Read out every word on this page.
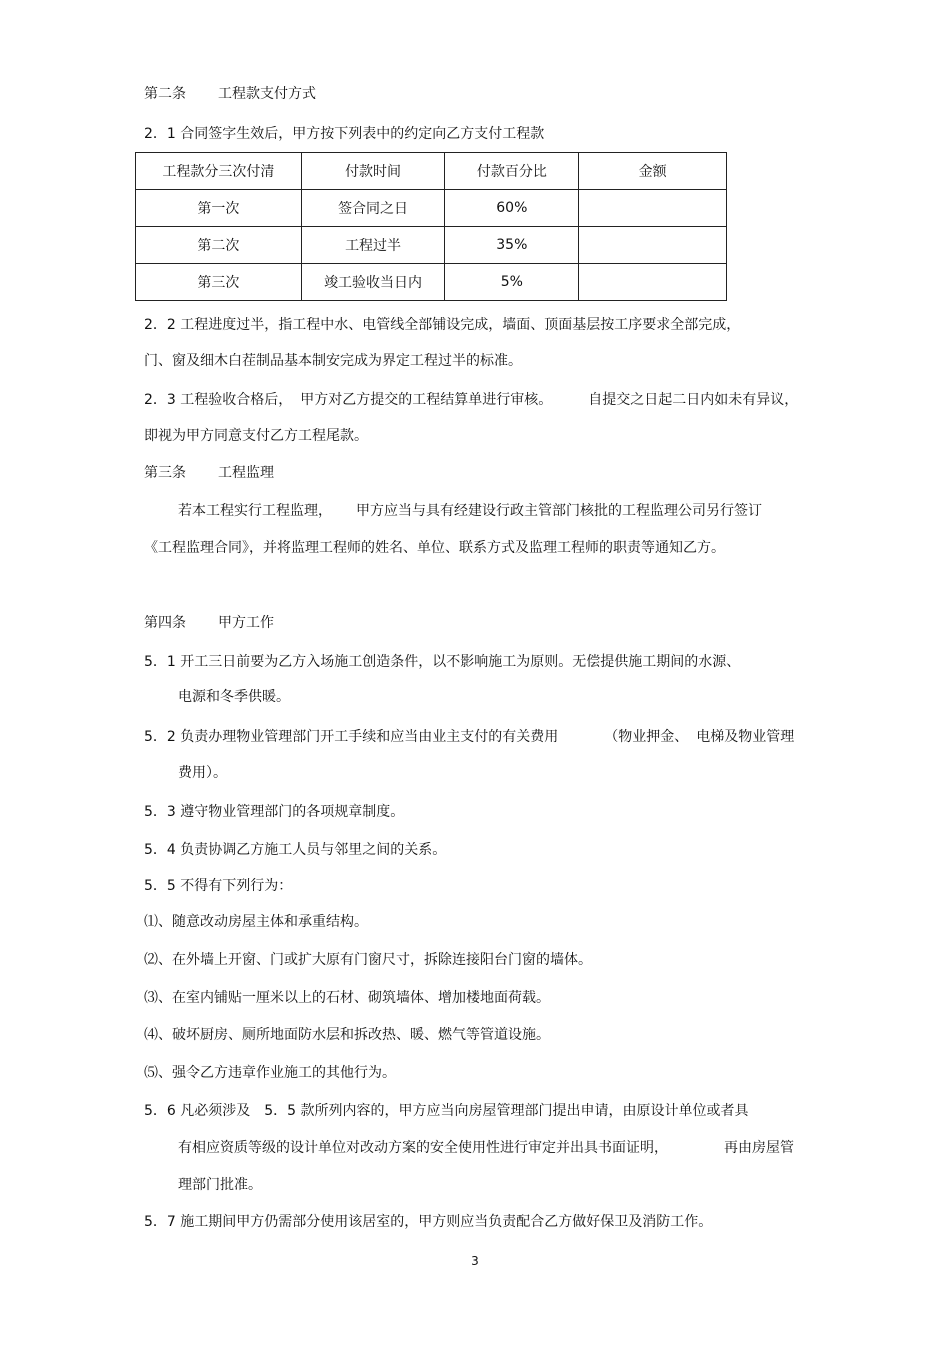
第二条 工程款支付方式
2．1 合同签字生效后，甲方按下列表中的约定向乙方支付工程款
工程款分三次付清	付款时间	付款百分比	金额
第一次	签合同之日	60%	
第二次	工程过半	35%	
第三次	竣工验收当日内	5%	
2．2 工程进度过半，指工程中水、电管线全部铺设完成，墙面、顶面基层按工序要求全部完成，
门、窗及细木白茬制品基本制安完成为界定工程过半的标准。
2．3 工程验收合格后， 甲方对乙方提交的工程结算单进行审核。	自提交之日起二日内如未有异议，
即视为甲方同意支付乙方工程尾款。
第三条 工程监理
若本工程实行工程监理， 甲方应当与具有经建设行政主管部门核批的工程监理公司另行签订
《工程监理合同》，并将监理工程师的姓名、单位、联系方式及监理工程师的职责等通知乙方。
第四条 甲方工作
5．1 开工三日前要为乙方入场施工创造条件，以不影响施工为原则。无偿提供施工期间的水源、
电源和冬季供暖。
5．2 负责办理物业管理部门开工手续和应当由业主支付的有关费用	（物业押金、 电梯及物业管理
费用）。
5．3 遵守物业管理部门的各项规章制度。
5．4 负责协调乙方施工人员与邻里之间的关系。
5．5 不得有下列行为：
⑴、随意改动房屋主体和承重结构。
⑵、在外墙上开窗、门或扩大原有门窗尺寸，拆除连接阳台门窗的墙体。
⑶、在室内铺贴一厘米以上的石材、砌筑墙体、增加楼地面荷载。
⑷、破坏厨房、厕所地面防水层和拆改热、暖、燃气等管道设施。
⑸、强令乙方违章作业施工的其他行为。
5．6 凡必须涉及　5．5 款所列内容的，甲方应当向房屋管理部门提出申请，由原设计单位或者具
有相应资质等级的设计单位对改动方案的安全使用性进行审定并出具书面证明，	再由房屋管
理部门批准。
5．7 施工期间甲方仍需部分使用该居室的，甲方则应当负责配合乙方做好保卫及消防工作。
3
